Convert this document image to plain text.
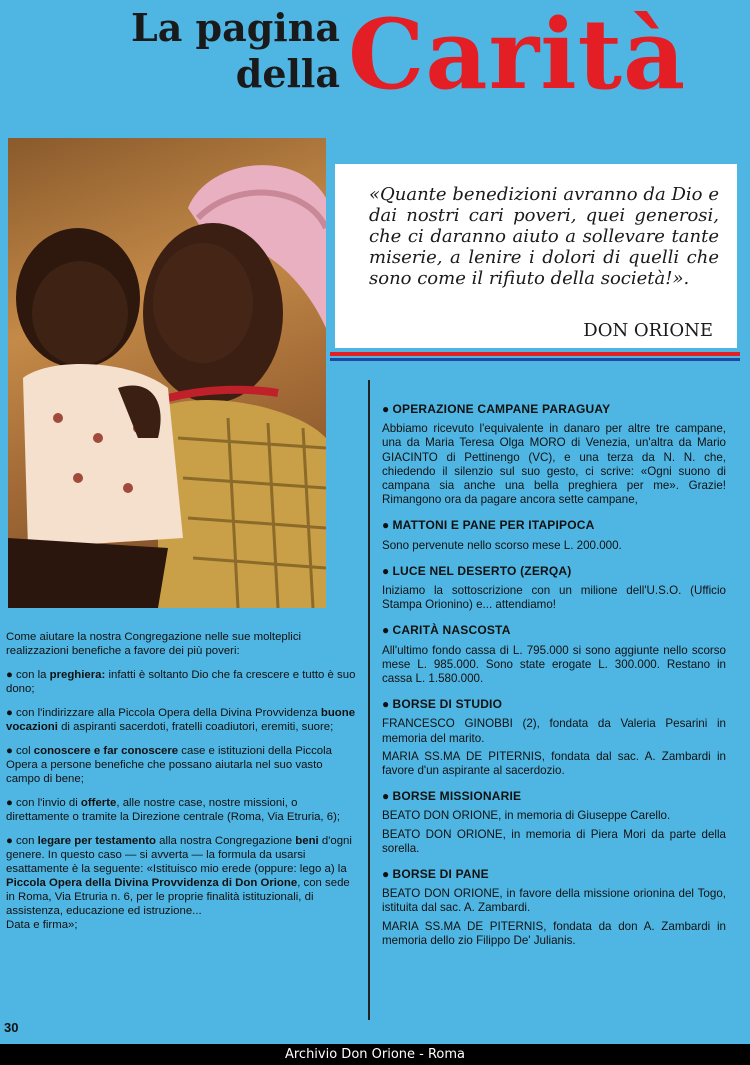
La pagina
della Carità

«Quante benedizioni avranno da Dio e dai nostri cari poveri, quei generosi, che ci daranno aiuto a sollevare tante miserie, a lenire i dolori di quelli che sono come il rifiuto della società!».

DON ORIONE

Come aiutare la nostra Congregazione nelle sue molteplici realizzazioni benefiche a favore dei più poveri:

● con la preghiera: infatti è soltanto Dio che fa crescere e tutto è suo dono;

● con l'indirizzare alla Piccola Opera della Divina Provvidenza buone vocazioni di aspiranti sacerdoti, fratelli coadiutori, eremiti, suore;

● col conoscere e far conoscere case e istituzioni della Piccola Opera a persone benefiche che possano aiutarla nel suo vasto campo di bene;

● con l'invio di offerte, alle nostre case, nostre missioni, o direttamente o tramite la Direzione centrale (Roma, Via Etruria, 6);

● con legare per testamento alla nostra Congregazione beni d'ogni genere. In questo caso — si avverta — la formula da usarsi esattamente è la seguente: «Istituisco mio erede (oppure: lego a) la Piccola Opera della Divina Provvidenza di Don Orione, con sede in Roma, Via Etruria n. 6, per le proprie finalità istituzionali, di assistenza, educazione ed istruzione...
Data e firma»;

● OPERAZIONE CAMPANE PARAGUAY

Abbiamo ricevuto l'equivalente in danaro per altre tre campane, una da Maria Teresa Olga MORO di Venezia, un'altra da Mario GIACINTO di Pettinengo (VC), e una terza da N. N. che, chiedendo il silenzio sul suo gesto, ci scrive: «Ogni suono di campana sia anche una bella preghiera per me». Grazie! Rimangono ora da pagare ancora sette campane,

● MATTONI E PANE PER ITAPIPOCA

Sono pervenute nello scorso mese L. 200.000.

● LUCE NEL DESERTO (ZERQA)

Iniziamo la sottoscrizione con un milione dell'U.S.O. (Ufficio Stampa Orionino) e... attendiamo!

● CARITÀ NASCOSTA

All'ultimo fondo cassa di L. 795.000 si sono aggiunte nello scorso mese L. 985.000. Sono state erogate L. 300.000. Restano in cassa L. 1.580.000.

● BORSE DI STUDIO

FRANCESCO GINOBBI (2), fondata da Valeria Pesarini in memoria del marito.

MARIA SS.MA DE PITERNIS, fondata dal sac. A. Zambardi in favore d'un aspirante al sacerdozio.

● BORSE MISSIONARIE

BEATO DON ORIONE, in memoria di Giuseppe Carello.

BEATO DON ORIONE, in memoria di Piera Mori da parte della sorella.

● BORSE DI PANE

BEATO DON ORIONE, in favore della missione orionina del Togo, istituita dal sac. A. Zambardi.

MARIA SS.MA DE PITERNIS, fondata da don A. Zambardi in memoria dello zio Filippo De' Julianis.

30
Archivio Don Orione - Roma
